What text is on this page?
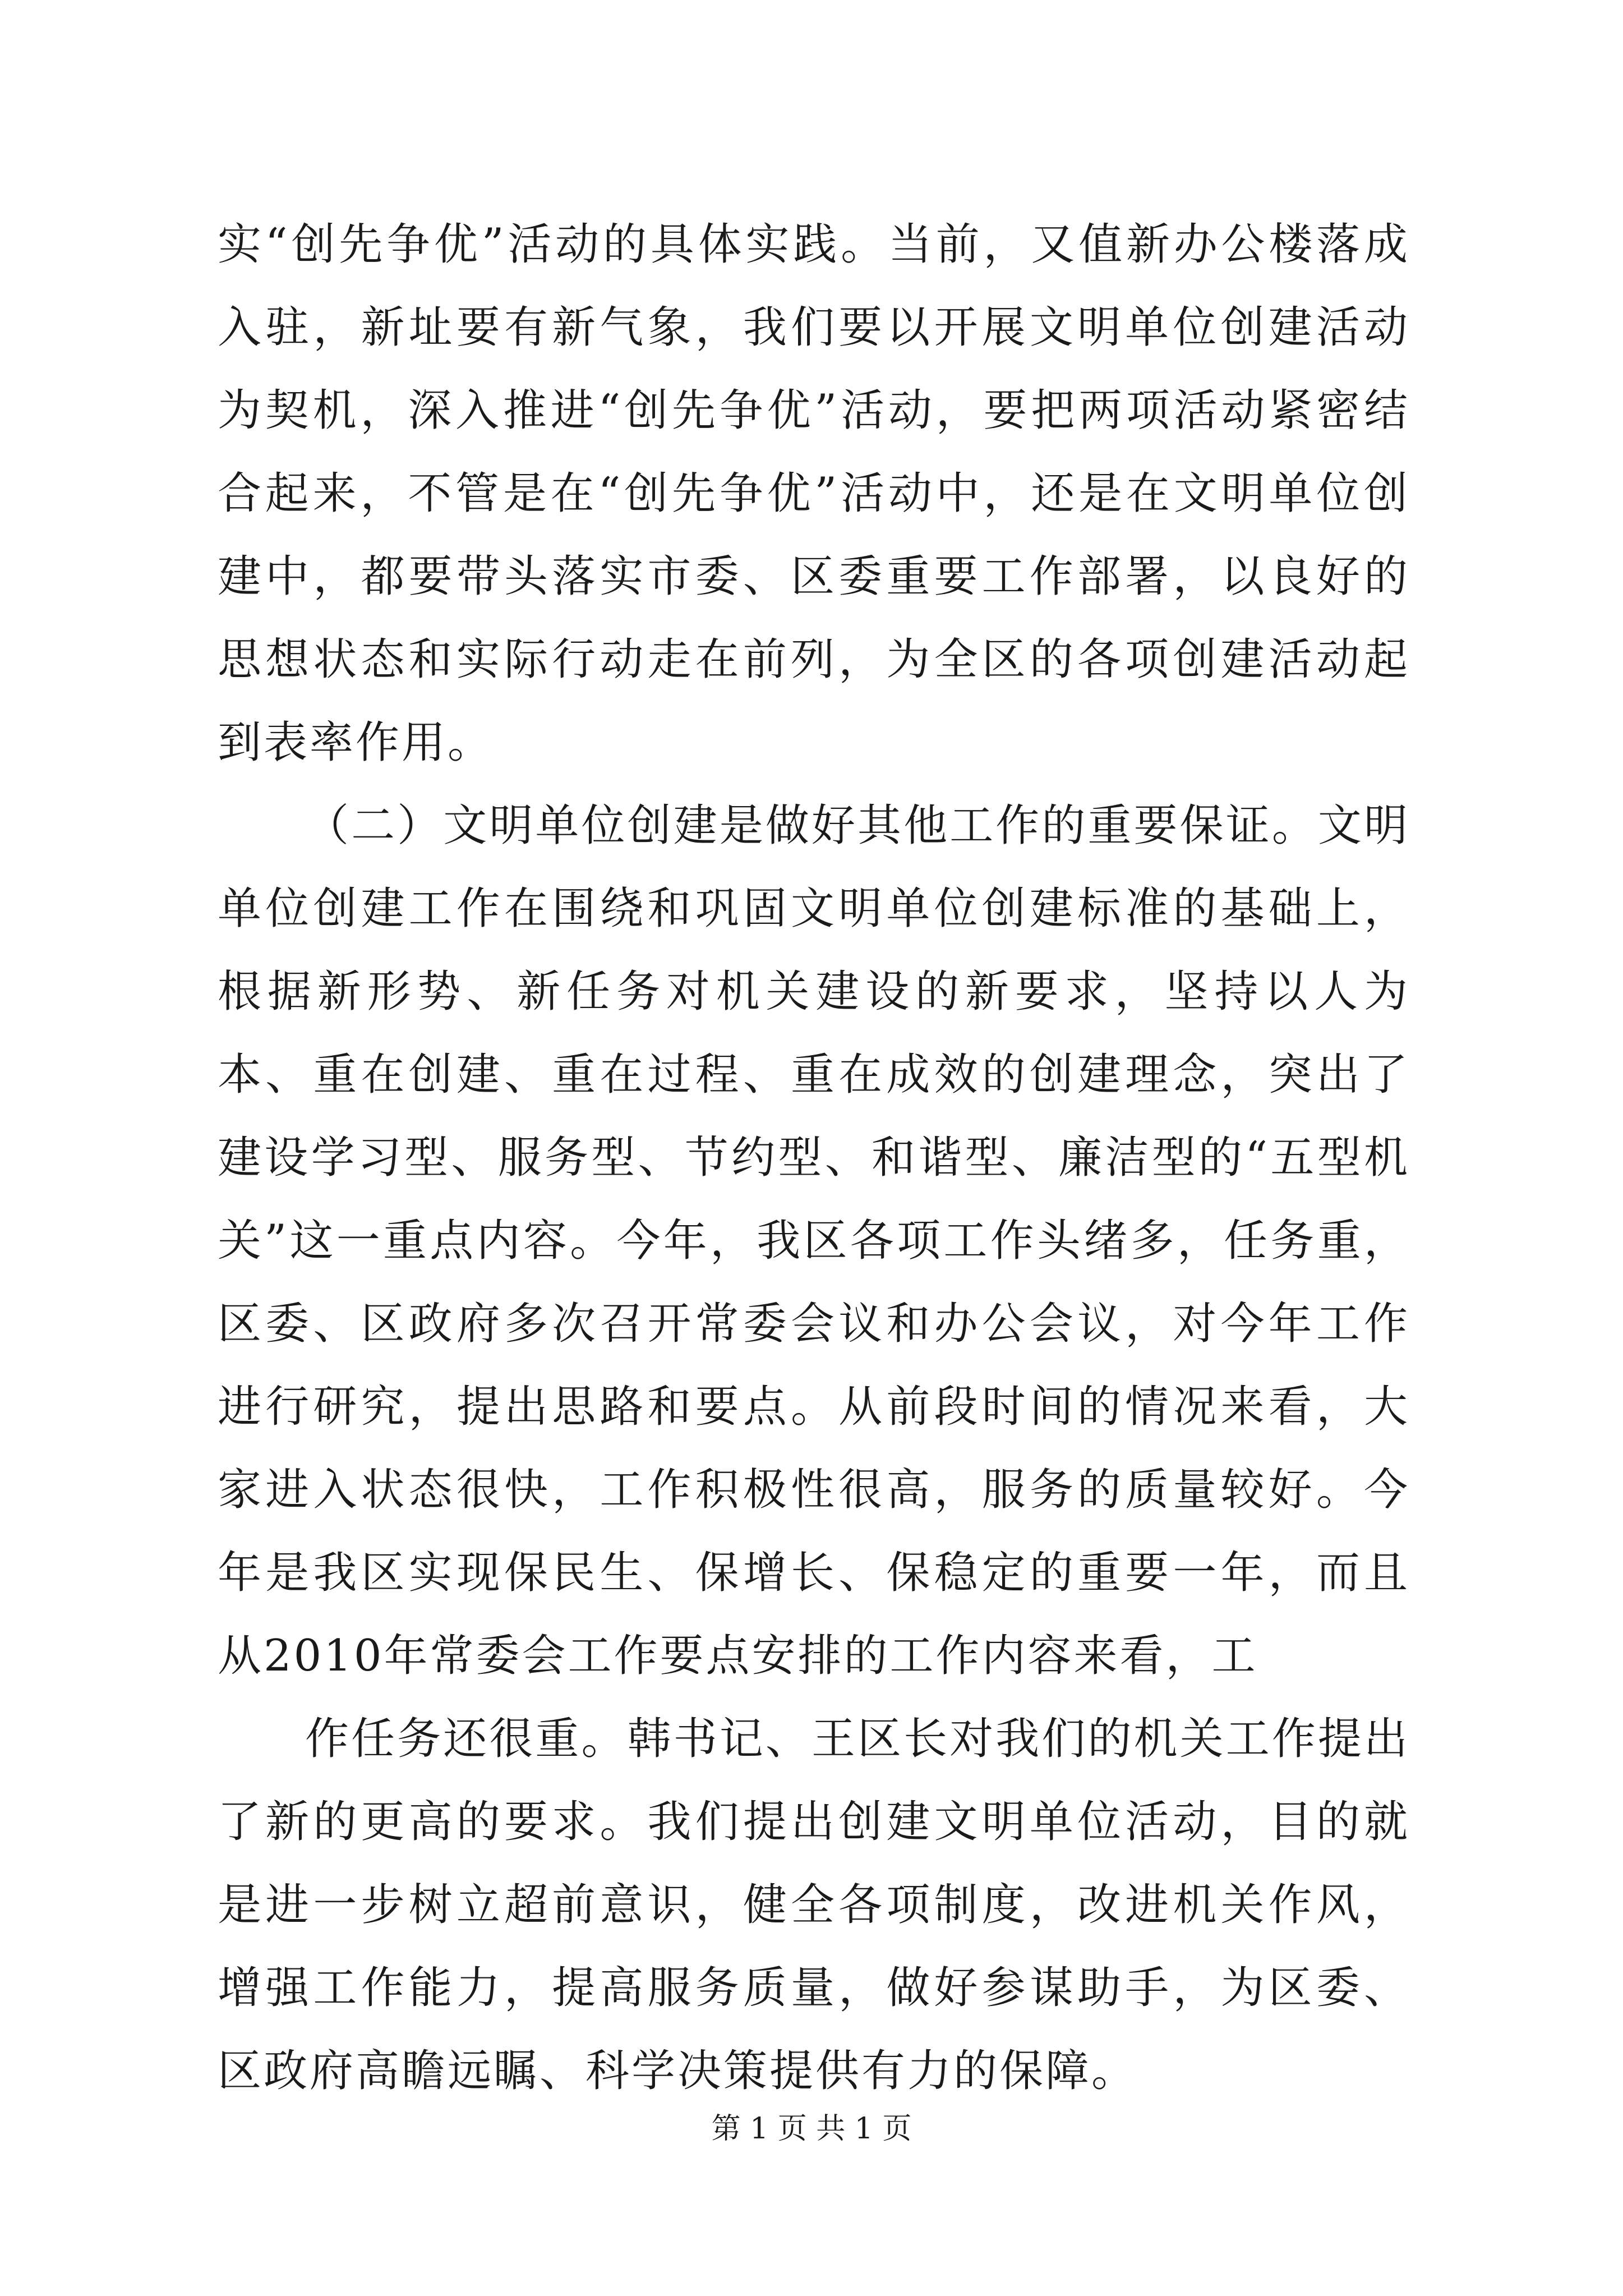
实“创先争优”活动的具体实践。当前，又值新办公楼落成入驻，新址要有新气象，我们要以开展文明单位创建活动为契机，深入推进“创先争优”活动，要把两项活动紧密结合起来，不管是在“创先争优”活动中，还是在文明单位创建中，都要带头落实市委、区委重要工作部署，以良好的思想状态和实际行动走在前列，为全区的各项创建活动起到表率作用。

（二）文明单位创建是做好其他工作的重要保证。文明单位创建工作在围绕和巩固文明单位创建标准的基础上，根据新形势、新任务对机关建设的新要求，坚持以人为本、重在创建、重在过程、重在成效的创建理念，突出了建设学习型、服务型、节约型、和谐型、廉洁型的“五型机关”这一重点内容。今年，我区各项工作头绪多，任务重，区委、区政府多次召开常委会议和办公会议，对今年工作进行研究，提出思路和要点。从前段时间的情况来看，大家进入状态很快，工作积极性很高，服务的质量较好。今年是我区实现保民生、保增长、保稳定的重要一年，而且从2010年常委会工作要点安排的工作内容来看，工

作任务还很重。韩书记、王区长对我们的机关工作提出了新的更高的要求。我们提出创建文明单位活动，目的就是进一步树立超前意识，健全各项制度，改进机关作风，增强工作能力，提高服务质量，做好参谋助手，为区委、区政府高瞻远瞩、科学决策提供有力的保障。

第 1 页 共 1 页
